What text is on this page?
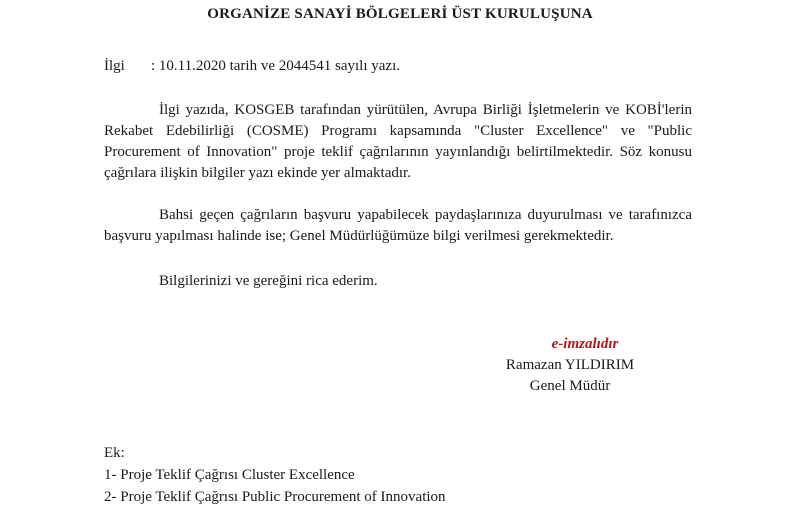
ORGANİZE SANAYİ BÖLGELERİ ÜST KURULUŞUNA
İlgi : 10.11.2020 tarih ve 2044541 sayılı yazı.
İlgi yazıda, KOSGEB tarafından yürütülen, Avrupa Birliği İşletmelerin ve KOBİ'lerin Rekabet Edebilirliği (COSME) Programı kapsamında "Cluster Excellence" ve "Public Procurement of Innovation" proje teklif çağrılarının yayınlandığı belirtilmektedir. Söz konusu çağrılara ilişkin bilgiler yazı ekinde yer almaktadır.
Bahsi geçen çağrıların başvuru yapabilecek paydaşlarınıza duyurulması ve tarafınızca başvuru yapılması halinde ise; Genel Müdürlüğümüze bilgi verilmesi gerekmektedir.
Bilgilerinizi ve gereğini rica ederim.
e-imzalıdır
Ramazan YILDIRIM
Genel Müdür
Ek:
1- Proje Teklif Çağrısı Cluster Excellence
2- Proje Teklif Çağrısı Public Procurement of Innovation
